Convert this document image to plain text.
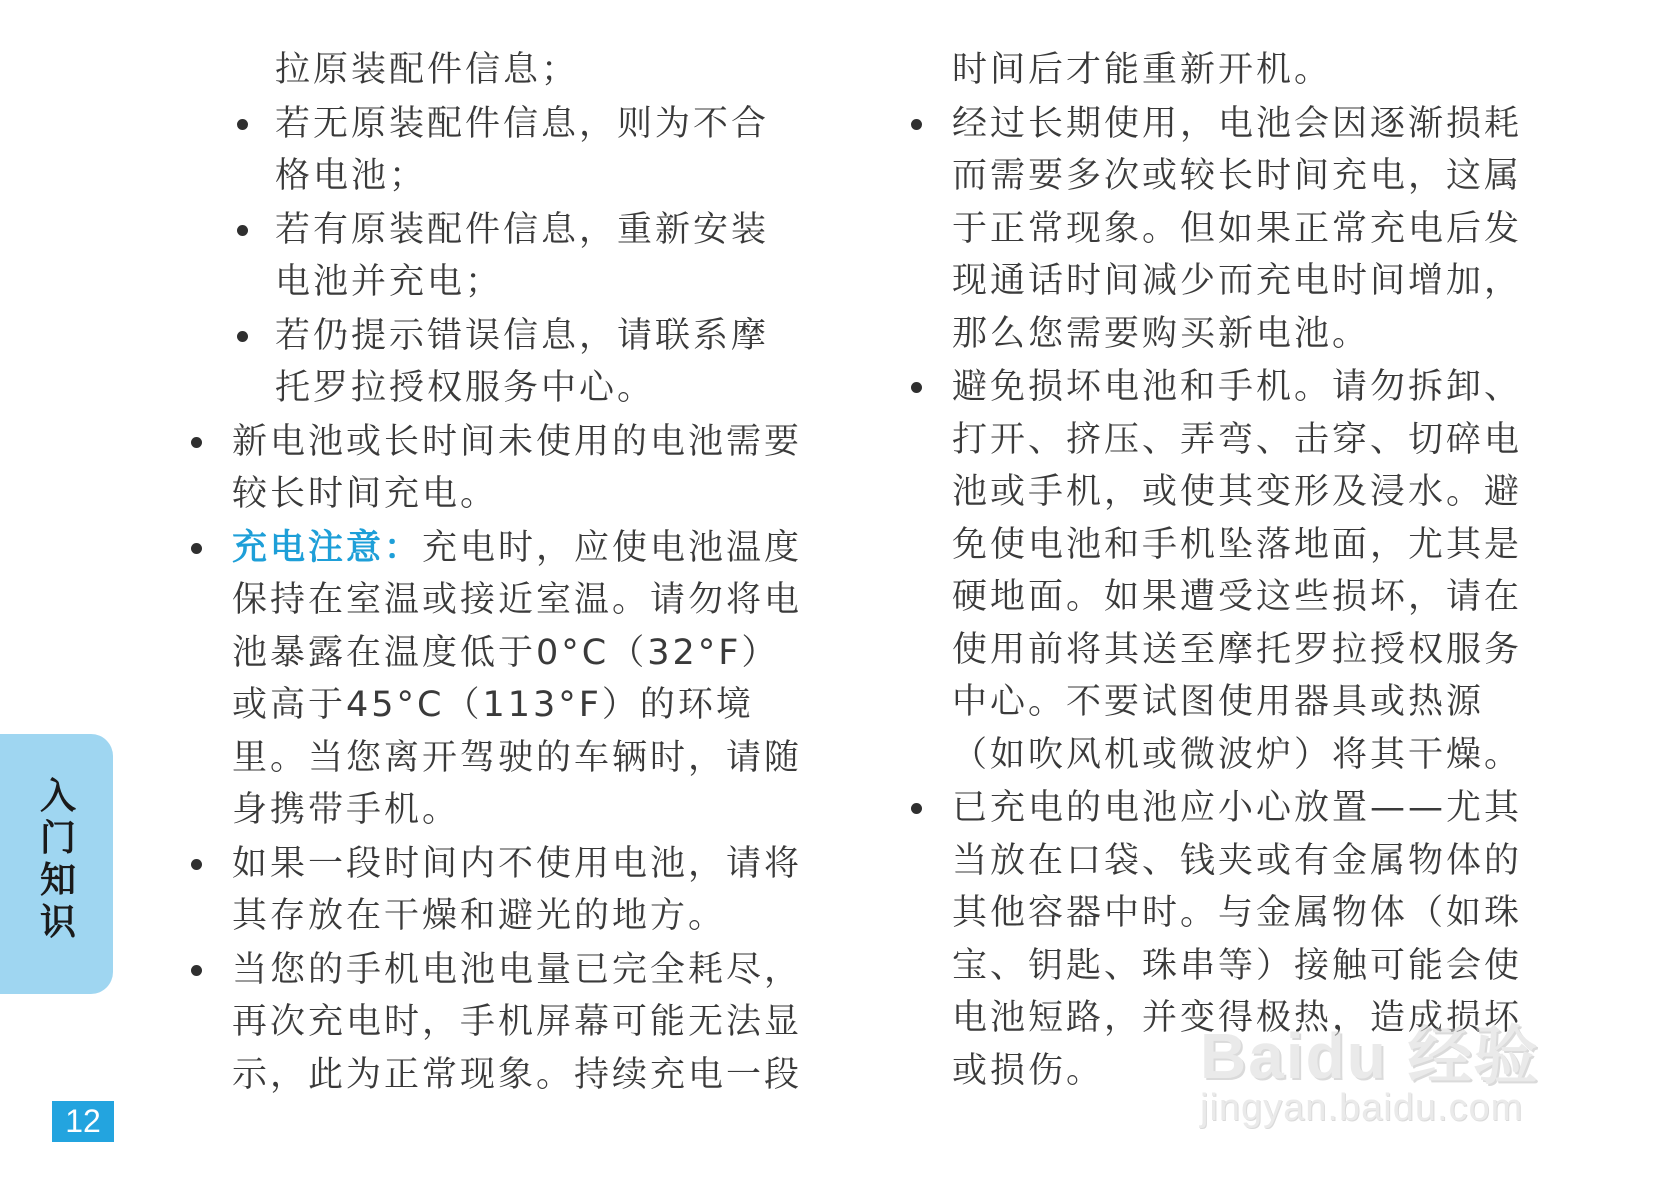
拉原装配件信息；
若无原装配件信息，则为不合格电池；
若有原装配件信息，重新安装电池并充电；
若仍提示错误信息，请联系摩托罗拉授权服务中心。
新电池或长时间未使用的电池需要较长时间充电。
充电注意：充电时，应使电池温度保持在室温或接近室温。请勿将电池暴露在温度低于0°C（32°F）或高于45°C（113°F）的环境里。当您离开驾驶的车辆时，请随身携带手机。
如果一段时间内不使用电池，请将其存放在干燥和避光的地方。
当您的手机电池电量已完全耗尽，再次充电时，手机屏幕可能无法显示，此为正常现象。持续充电一段
时间后才能重新开机。
经过长期使用，电池会因逐渐损耗而需要多次或较长时间充电，这属于正常现象。但如果正常充电后发现通话时间减少而充电时间增加，那么您需要购买新电池。
避免损坏电池和手机。请勿拆卸、打开、挤压、弄弯、击穿、切碎电池或手机，或使其变形及浸水。避免使电池和手机坠落地面，尤其是硬地面。如果遭受这些损坏，请在使用前将其送至摩托罗拉授权服务中心。不要试图使用器具或热源（如吹风机或微波炉）将其干燥。
已充电的电池应小心放置——尤其当放在口袋、钱夹或有金属物体的其他容器中时。与金属物体（如珠宝、钥匙、珠串等）接触可能会使电池短路，并变得极热，造成损坏或损伤。
入门知识
12
Baidu 经验
jingyan.baidu.com
